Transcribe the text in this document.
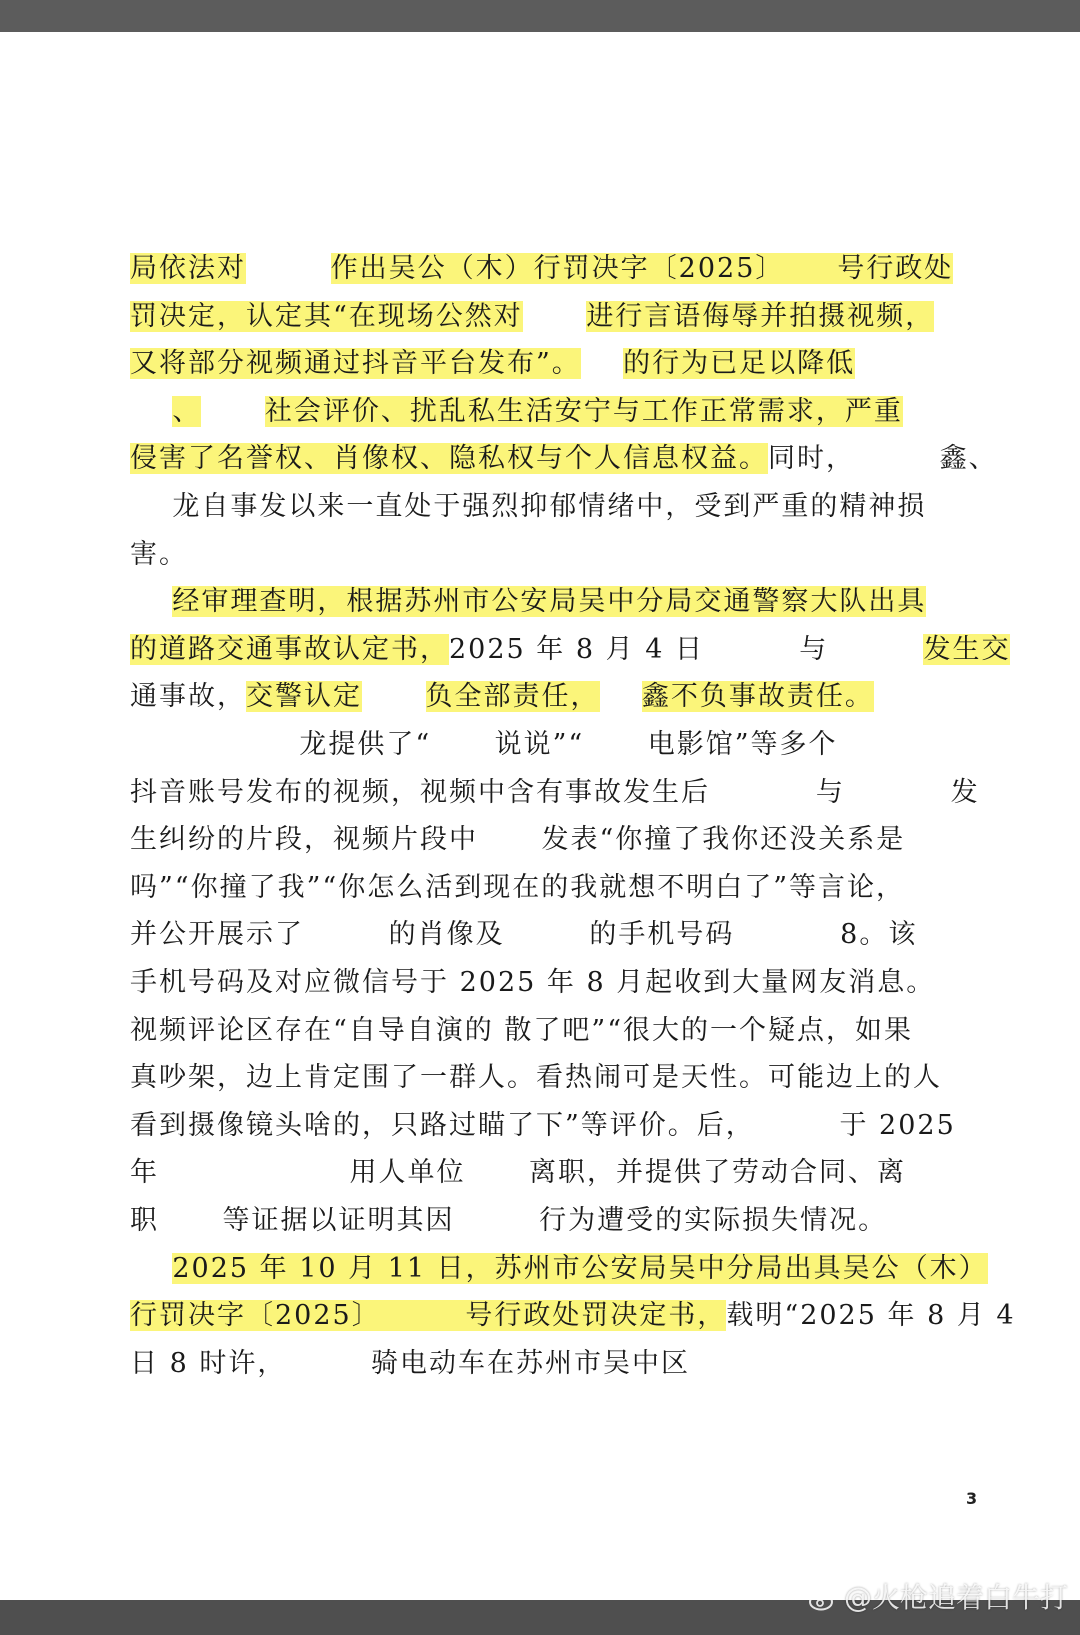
局依法对	作出吴公（木）行罚决字〔2025〕 号行政处
罚决定，认定其“在现场公然对 进行言语侮辱并拍摄视频，
又将部分视频通过抖音平台发布”。 的行为已足以降低
、 社会评价、扰乱私生活安宁与工作正常需求，严重
侵害了名誉权、肖像权、隐私权与个人信息权益。同时，        鑫、
龙自事发以来一直处于强烈抑郁情绪中，受到严重的精神损
害。
经审理查明，根据苏州市公安局吴中分局交通警察大队出具
的道路交通事故认定书，2025 年 8 月 4 日         与	发生交
通事故，交警认定 负全部责任， 鑫不负事故责任。
龙提供了“      说说”“      电影馆”等多个
抖音账号发布的视频，视频中含有事故发生后          与          发
生纠纷的片段，视频片段中      发表“你撞了我你还没关系是
吗”“你撞了我”“你怎么活到现在的我就想不明白了”等言论，
并公开展示了        的肖像及        的手机号码          8。该
手机号码及对应微信号于 2025 年 8 月起收到大量网友消息。
视频评论区存在“自导自演的 散了吧”“很大的一个疑点，如果
真吵架，边上肯定围了一群人。看热闹可是天性。可能边上的人
看到摄像镜头啥的，只路过瞄了下”等评价。后，        于 2025
年                  用人单位      离职，并提供了劳动合同、离
职      等证据以证明其因        行为遭受的实际损失情况。
2025 年 10 月 11 日，苏州市公安局吴中分局出具吴公（木）
行罚决字〔2025〕	号行政处罚决定书，载明“2025 年 8 月 4
日 8 时许，        骑电动车在苏州市吴中区
3
@火枪追着白牛打
